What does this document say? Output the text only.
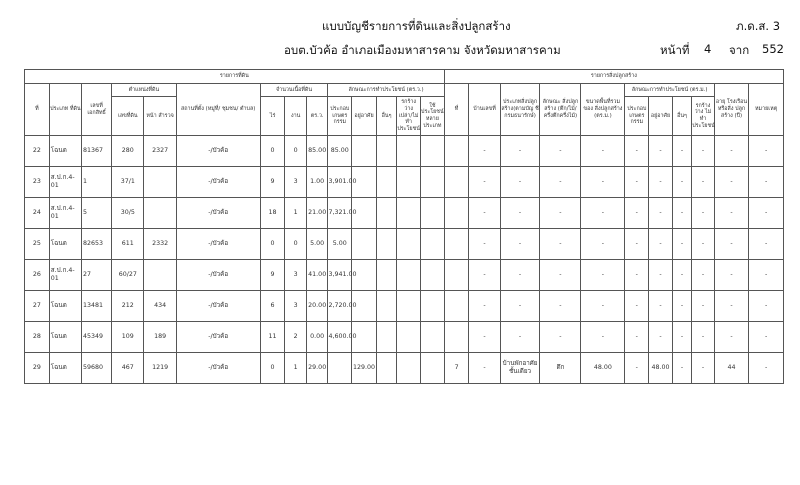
แบบบัญชีรายการที่ดินและสิ่งปลูกสร้าง	ภ.ด.ส. 3
อบต.บัวค้อ อำเภอเมืองมหาสารคาม จังหวัดมหาสารคาม	หน้าที่ 4 จาก 552
รายการที่ดิน														รายการสิ่งปลูกสร้าง										
ที่	ประเภท ที่ดิน	เลขที่ เอกสิทธิ์	ตำแหน่งที่ดิน		สถานที่ตั้ง (หมู่ที่/ ชุมชน/ ตำบล)	จำนวนเนื้อที่ดิน			ลักษณะการทำประโยชน์ (ตร.ว.)					ที่	บ้านเลขที่	ประเภทสิ่งปลูก สร้าง(ตามบัญ ชีกรมธนารักษ์)	ลักษณะ สิ่งปลูกสร้าง (ตึก/ไม้/ ครึ่งตึกครึ่งไม้)	ขนาดพื้นที่รวม ของ สิ่งปลูกสร้าง (ตร.ม.)	ลักษณะการทำประโยชน์ (ตร.ม.)				อายุ โรงเรือน หรือสิ่ง ปลูกสร้าง (ปี)	หมายเหตุ
			เลขที่ดิน	หน้า สำรวจ		ไร่	งาน	ตร.ว.	ประกอบ เกษตร กรรม	อยู่อาศัย	อื่นๆ	รกร้างว่าง เปล่า/ไม่ทำ ประโยชน์	ใช้ประโยชน์ หลาย ประเภท						ประกอบ เกษตร กรรม	อยู่อาศัย	อื่นๆ	รกร้างว่าง ไม่ทำ ประโยชน์		
22	โฉนด	81367	280	2327	-/บัวค้อ	0	0	85.00	85.00						-	-	-	-	-	-	-	-	-	-
23	ส.ป.ก.4-01	1	37/1		-/บัวค้อ	9	3	1.00	3,901.00						-	-	-	-	-	-	-	-	-	-
24	ส.ป.ก.4-01	5	30/5		-/บัวค้อ	18	1	21.00	7,321.00						-	-	-	-	-	-	-	-	-	-
25	โฉนด	82653	611	2332	-/บัวค้อ	0	0	5.00	5.00						-	-	-	-	-	-	-	-	-	-
26	ส.ป.ก.4-01	27	60/27		-/บัวค้อ	9	3	41.00	3,941.00						-	-	-	-	-	-	-	-	-	-
27	โฉนด	13481	212	434	-/บัวค้อ	6	3	20.00	2,720.00						-	-	-	-	-	-	-	-	-	-
28	โฉนด	45349	109	189	-/บัวค้อ	11	2	0.00	4,600.00						-	-	-	-	-	-	-	-	-	-
29	โฉนด	59680	467	1219	-/บัวค้อ	0	1	29.00		129.00				7	-	บ้านพักอาศัยชั้นเดียว	ตึก	48.00	-	48.00	-	-	44	-
